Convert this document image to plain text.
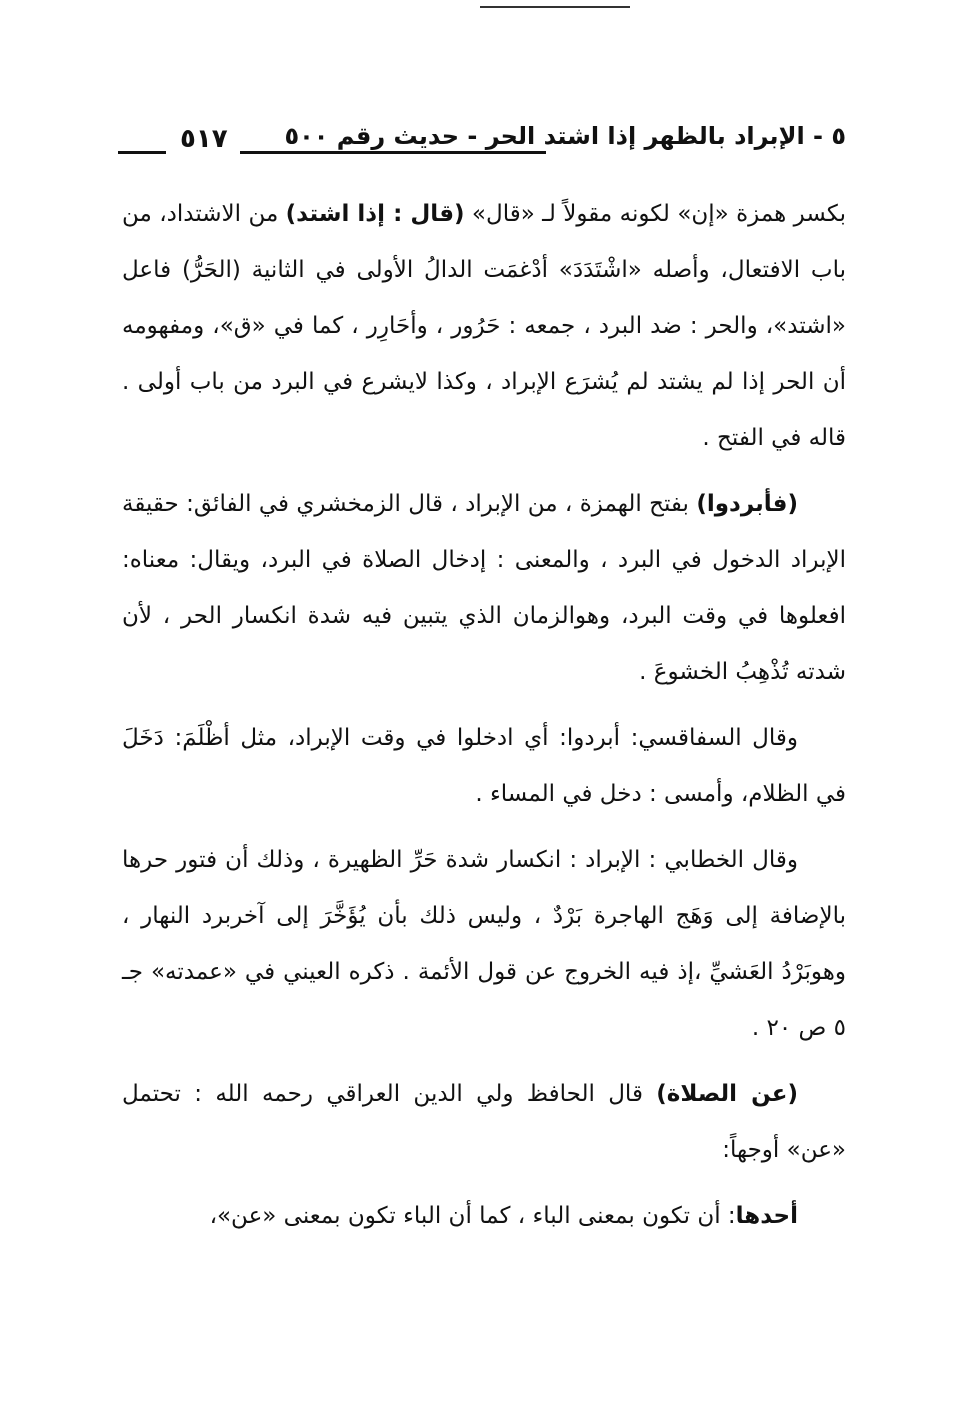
٥ - الإبراد بالظهر إذا اشتد الحر - حديث رقم ٥٠٠
٥١٧

بكسر همزة «إن» لكونه مقولاً لـ «قال» (قال : إذا اشتد) من الاشتداد، من باب الافتعال، وأصله «اشْتَدَدَ» أدْغمَت الدالُ الأولى في الثانية (الحَرُّ) فاعل «اشتد»، والحر : ضد البرد ، جمعه : حَرُور ، وأحَارِر ، كما في «ق»، ومفهومه أن الحر إذا لم يشتد لم يُشرَع الإبراد ، وكذا لايشرع في البرد من باب أولى . قاله في الفتح .

(فأبردوا) بفتح الهمزة ، من الإبراد ، قال الزمخشري في الفائق: حقيقة الإبراد الدخول في البرد ، والمعنى : إدخال الصلاة في البرد، ويقال: معناه: افعلوها في وقت البرد، وهوالزمان الذي يتبين فيه شدة انكسار الحر ، لأن شدته تُذْهِبُ الخشوعَ .

وقال السفاقسي: أبردوا: أي ادخلوا في وقت الإبراد، مثل أظْلَمَ: دَخَلَ في الظلام، وأمسى : دخل في المساء .

وقال الخطابي : الإبراد : انكسار شدة حَرِّ الظهيرة ، وذلك أن فتور حرها بالإضافة إلى وَهَج الهاجرة بَرْدٌ ، وليس ذلك بأن يُؤَخَّرَ إلى آخربرد النهار ، وهوبَرْدُ العَشيِّ ،إذ فيه الخروج عن قول الأئمة . ذكره العيني في «عمدته» جـ ٥ ص ٢٠ .

(عن الصلاة) قال الحافظ ولي الدين العراقي رحمه الله : تحتمل «عن» أوجهاً:

أحدها: أن تكون بمعنى الباء ، كما أن الباء تكون بمعنى «عن»،
